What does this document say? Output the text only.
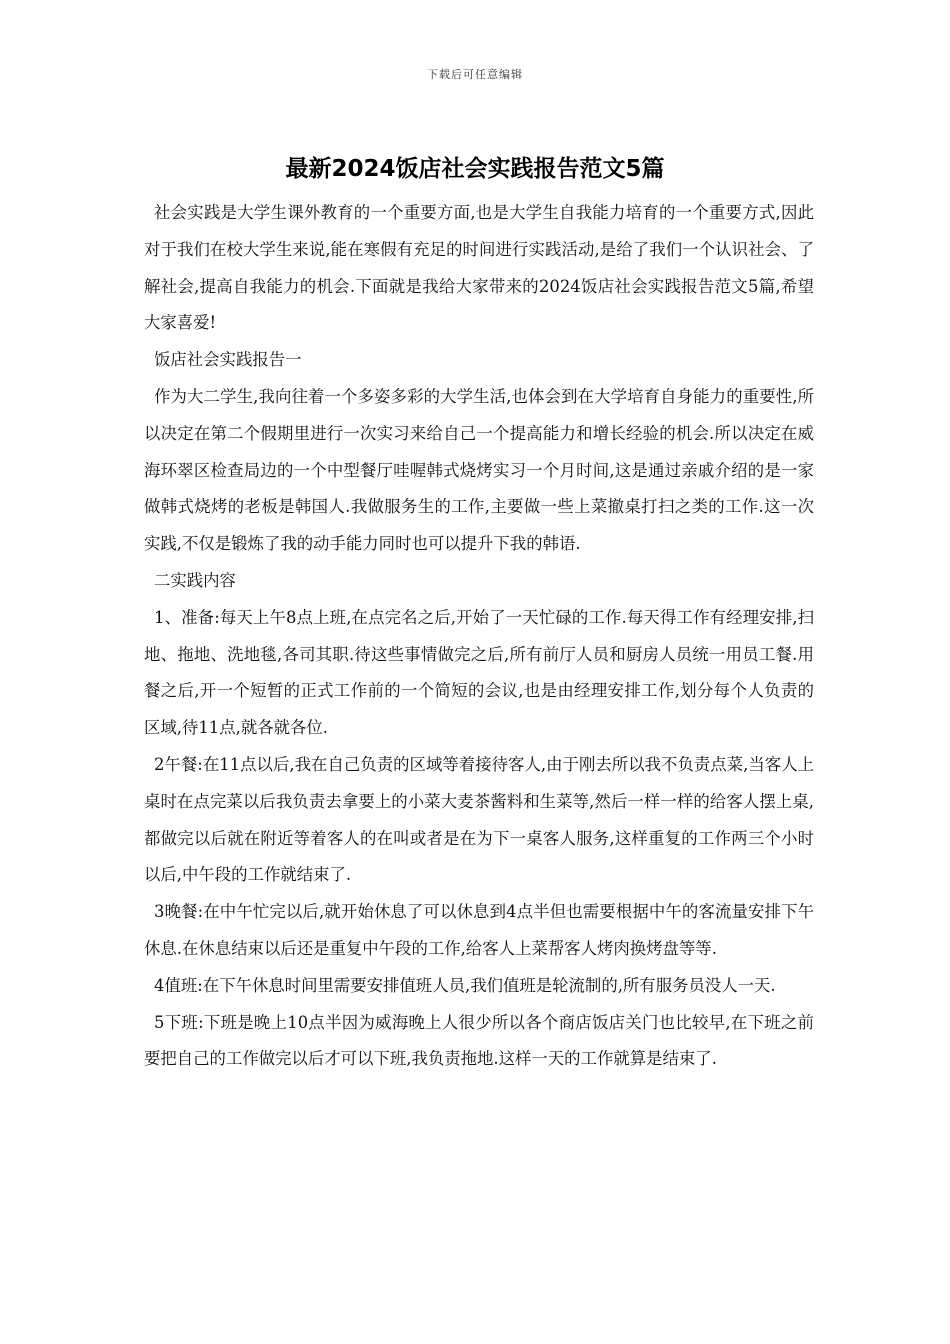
下载后可任意编辑
最新2024饭店社会实践报告范文5篇

社会实践是大学生课外教育的一个重要方面,也是大学生自我能力培育的一个重要方式,因此对于我们在校大学生来说,能在寒假有充足的时间进行实践活动,是给了我们一个认识社会、了解社会,提高自我能力的机会.下面就是我给大家带来的2024饭店社会实践报告范文5篇,希望大家喜爱!

饭店社会实践报告一

作为大二学生,我向往着一个多姿多彩的大学生活,也体会到在大学培育自身能力的重要性,所以决定在第二个假期里进行一次实习来给自己一个提高能力和增长经验的机会.所以决定在威海环翠区检查局边的一个中型餐厅哇喔韩式烧烤实习一个月时间,这是通过亲戚介绍的是一家做韩式烧烤的老板是韩国人.我做服务生的工作,主要做一些上菜撤桌打扫之类的工作.这一次实践,不仅是锻炼了我的动手能力同时也可以提升下我的韩语.

二实践内容

1、准备:每天上午8点上班,在点完名之后,开始了一天忙碌的工作.每天得工作有经理安排,扫地、拖地、洗地毯,各司其职.待这些事情做完之后,所有前厅人员和厨房人员统一用员工餐.用餐之后,开一个短暂的正式工作前的一个简短的会议,也是由经理安排工作,划分每个人负责的区域,待11点,就各就各位.

2午餐:在11点以后,我在自己负责的区域等着接待客人,由于刚去所以我不负责点菜,当客人上桌时在点完菜以后我负责去拿要上的小菜大麦茶酱料和生菜等,然后一样一样的给客人摆上桌,都做完以后就在附近等着客人的在叫或者是在为下一桌客人服务,这样重复的工作两三个小时以后,中午段的工作就结束了.

3晚餐:在中午忙完以后,就开始休息了可以休息到4点半但也需要根据中午的客流量安排下午休息.在休息结束以后还是重复中午段的工作,给客人上菜帮客人烤肉换烤盘等等.

4值班:在下午休息时间里需要安排值班人员,我们值班是轮流制的,所有服务员没人一天.

5下班:下班是晚上10点半因为威海晚上人很少所以各个商店饭店关门也比较早,在下班之前要把自己的工作做完以后才可以下班,我负责拖地.这样一天的工作就算是结束了.
